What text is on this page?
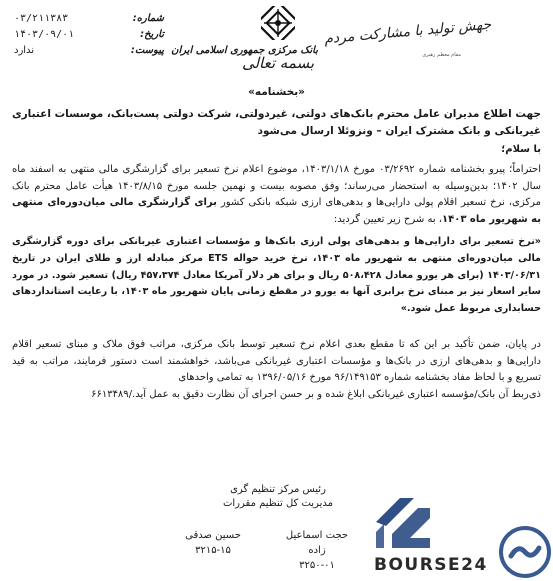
شماره:
۰۳/۲۱۱۳۸۳
تاریخ:
۱۴۰۳/۰۹/۰۱
پیوست:
ندارد	بانک مرکزی جمهوری اسلامی ایران
بسمه تعالی
جهش تولید با مشارکت مردم
مقام معظم رهبری
«بخشنامه»
جهت اطلاع مدیران عامل محترم بانک‌های دولتی، غیردولتی، شرکت دولتی پست‌بانک، موسسات اعتباری غیربانکی و بانک مشترک ایران – ونزوئلا ارسال می‌شود
با سلام؛
احتراماً؛ پیرو بخشنامه شماره ۰۳/۲۶۹۲ مورخ ۱۴۰۳/۱/۱۸، موضوع اعلام نرخ تسعیر برای گزارشگری مالی منتهی به اسفند ماه سال ۱۴۰۲؛ بدین‌وسیله به استحضار می‌رساند؛ وفق مصوبه بیست و نهمین جلسه مورخ ۱۴۰۳/۸/۱۵ هیأت عامل محترم بانک مرکزی، نرخ تسعیر اقلام پولی دارایی‌ها و بدهی‌های ارزی شبکه بانکی کشور برای گزارشگری مالی میان‌دوره‌ای منتهی به شهریور ماه ۱۴۰۳، به شرح زیر تعیین گردید:
«نرخ تسعیر برای دارایی‌ها و بدهی‌های پولی ارزی بانک‌ها و مؤسسات اعتباری غیربانکی برای دوره گزارشگری مالی میان‌دوره‌ای منتهی به شهریور ماه ۱۴۰۳، نرخ خرید حواله ETS مرکز مبادله ارز و طلای ایران در تاریخ ۱۴۰۳/۰۶/۳۱ (برای هر یورو معادل ۵۰۸،۴۲۸ ریال و برای هر دلار آمریکا معادل ۴۵۷،۳۷۴ ریال) تسعیر شود. در مورد سایر اسعار نیز بر مبنای نرخ برابری آنها به یورو در مقطع زمانی پایان شهریور ماه ۱۴۰۳، با رعایت استانداردهای حسابداری مربوط عمل شود.»
در پایان، ضمن تأکید بر این که تا مقطع بعدی اعلام نرخ تسعیر توسط بانک مرکزی، مراتب فوق ملاک و مبنای تسعیر اقلام دارایی‌ها و بدهی‌های ارزی در بانک‌ها و مؤسسات اعتباری غیربانکی می‌باشد، خواهشمند است دستور فرمایند، مراتب به قید تسریع و با لحاظ مفاد بخشنامه شماره ۹۶/۱۴۹۱۵۳ مورخ ۱۳۹۶/۰۵/۱۶ به تمامی واحدهای
ذی‌ربط آن بانک/مؤسسه اعتباری غیربانکی ابلاغ شده و بر حسن اجرای آن نظارت دقیق به عمل آید./۶۶۱۳۴۸۹
رئیس مرکز تنظیم گری
مدیریت کل تنظیم مقررات
حسین صدقی
۳۲۱۵-۱۵
حجت اسماعیل زاده
۳۲۵۰-۰۱	BOURSE24
